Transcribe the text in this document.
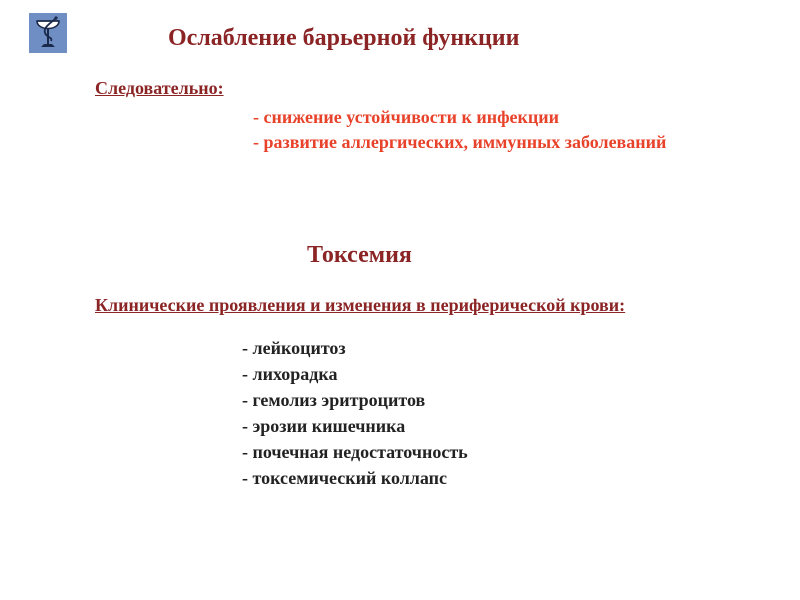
Ослабление барьерной функции
Следовательно:
- снижение устойчивости к инфекции
- развитие аллергических, иммунных заболеваний
Токсемия
Клинические проявления и изменения в периферической крови:
- лейкоцитоз
- лихорадка
- гемолиз эритроцитов
- эрозии кишечника
- почечная недостаточность
- токсемический коллапс
